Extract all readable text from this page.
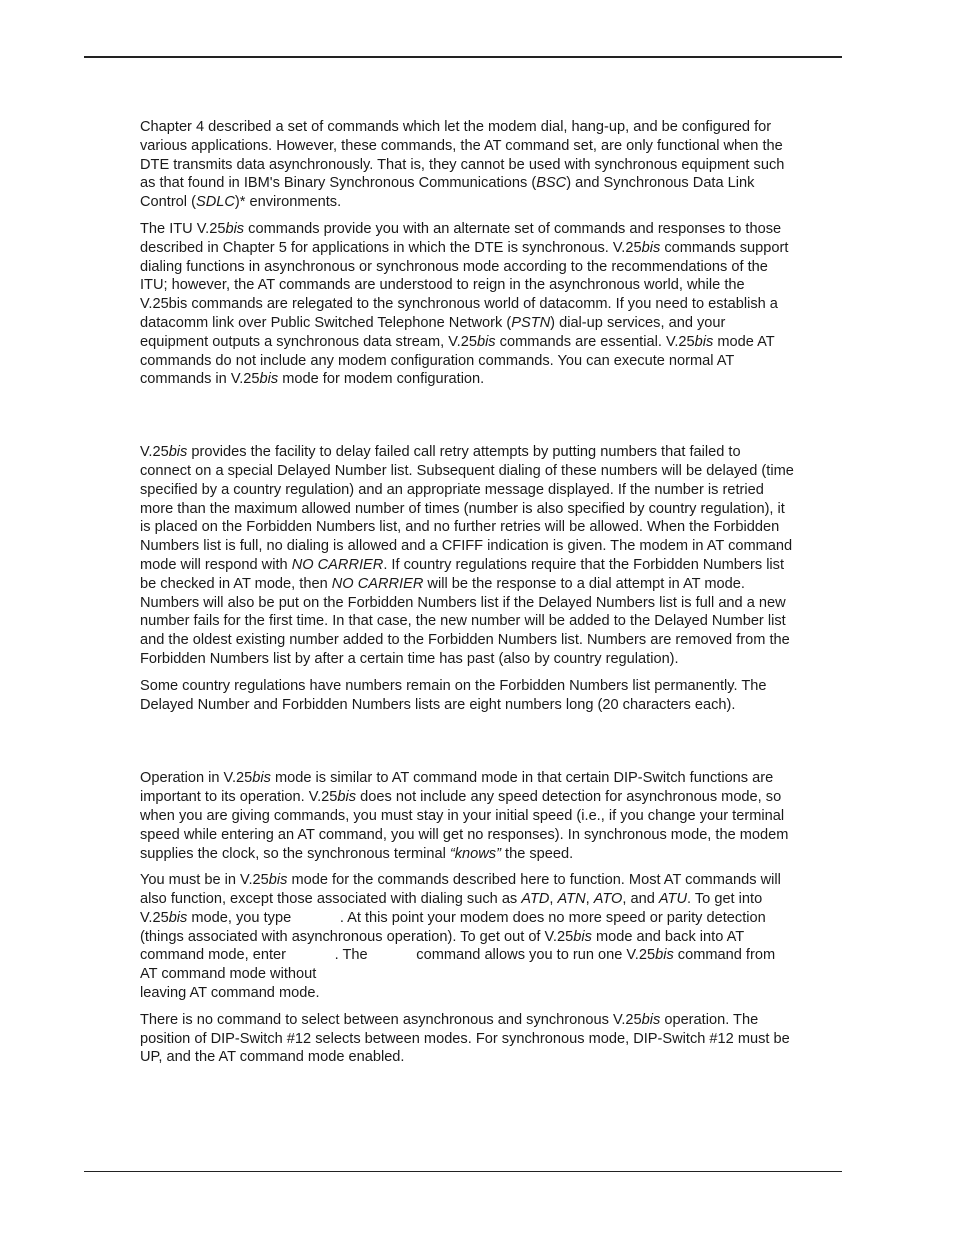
Chapter 4 described a set of commands which let the modem dial, hang-up, and be configured for
various applications. However, these commands, the AT command set, are only functional when the
DTE transmits data asynchronously. That is, they cannot be used with synchronous equipment such
as that found in IBM's Binary Synchronous Communications (BSC) and Synchronous Data Link
Control (SDLC)* environments.

The ITU V.25bis commands provide you with an alternate set of commands and responses to those
described in Chapter 5 for applications in which the DTE is synchronous. V.25bis commands support
dialing functions in asynchronous or synchronous mode according to the recommendations of the
ITU; however, the AT commands are understood to reign in the asynchronous world, while the
V.25bis commands are relegated to the synchronous world of datacomm. If you need to establish a
datacomm link over Public Switched Telephone Network (PSTN) dial-up services, and your
equipment outputs a synchronous data stream, V.25bis commands are essential. V.25bis mode AT
commands do not include any modem configuration commands. You can execute normal AT
commands in V.25bis mode for modem configuration.

V.25bis provides the facility to delay failed call retry attempts by putting numbers that failed to
connect on a special Delayed Number list. Subsequent dialing of these numbers will be delayed (time
specified by a country regulation) and an appropriate message displayed. If the number is retried
more than the maximum allowed number of times (number is also specified by country regulation), it
is placed on the Forbidden Numbers list, and no further retries will be allowed. When the Forbidden
Numbers list is full, no dialing is allowed and a CFIFF indication is given. The modem in AT command
mode will respond with NO CARRIER. If country regulations require that the Forbidden Numbers list
be checked in AT mode, then NO CARRIER will be the response to a dial attempt in AT mode.
Numbers will also be put on the Forbidden Numbers list if the Delayed Numbers list is full and a new
number fails for the first time. In that case, the new number will be added to the Delayed Number list
and the oldest existing number added to the Forbidden Numbers list. Numbers are removed from the
Forbidden Numbers list by after a certain time has past (also by country regulation).

Some country regulations have numbers remain on the Forbidden Numbers list permanently. The
Delayed Number and Forbidden Numbers lists are eight numbers long (20 characters each).

Operation in V.25bis mode is similar to AT command mode in that certain DIP-Switch functions are
important to its operation. V.25bis does not include any speed detection for asynchronous mode, so
when you are giving commands, you must stay in your initial speed (i.e., if you change your terminal
speed while entering an AT command, you will get no responses). In synchronous mode, the modem
supplies the clock, so the synchronous terminal “knows” the speed.

You must be in V.25bis mode for the commands described here to function. Most AT commands will
also function, except those associated with dialing such as ATD, ATN, ATO, and ATU. To get into
V.25bis mode, you type            . At this point your modem does no more speed or parity detection
(things associated with asynchronous operation). To get out of V.25bis mode and back into AT
command mode, enter            . The            command allows you to run one V.25bis command from
AT command mode without
leaving AT command mode.

There is no command to select between asynchronous and synchronous V.25bis operation. The
position of DIP-Switch #12 selects between modes. For synchronous mode, DIP-Switch #12 must be
UP, and the AT command mode enabled.
